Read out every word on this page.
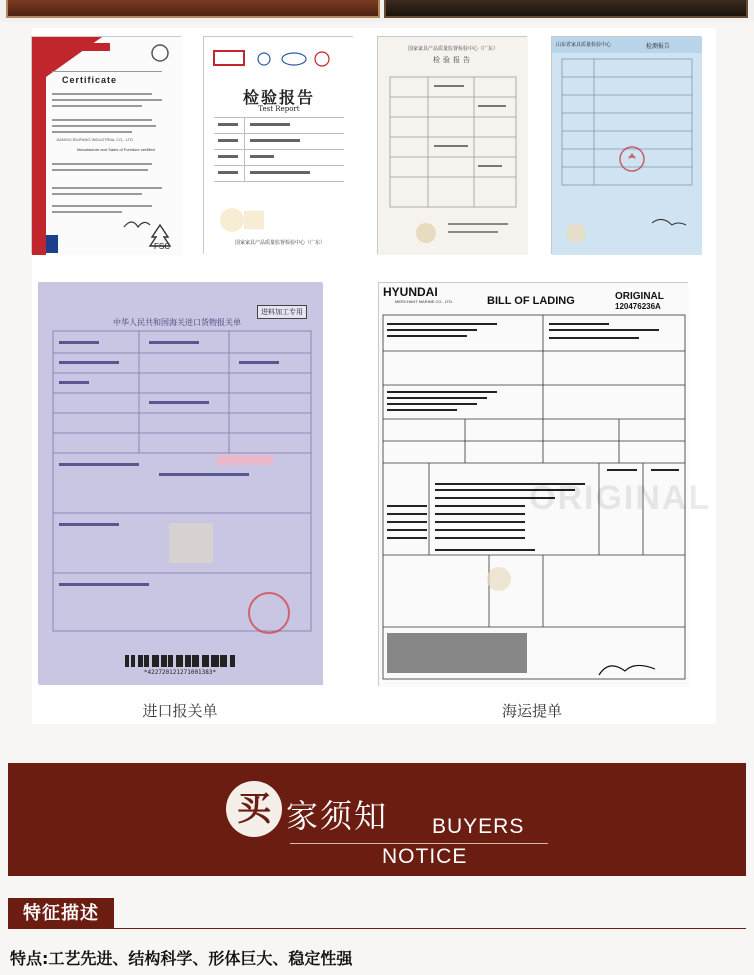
Certificate
JIANGXI RUIFANG INDUSTRIAL CO., LTD
Manufacture and Sales of Furniture certified
FSC
检验报告
Test Report
国家家具产品质量监督检验中心（广东）
国家家具产品质量监督检验中心（广东）
检验报告
山东省家具质量检验中心	检测报告
中华人民共和国海关进口货物报关单
进料加工专用
*422720121271001383*
HYUNDAI
MERCHANT MARINE CO., LTD.	BILL OF LADING	ORIGINAL
120476236A
ORIGINAL
进口报关单	海运提单
买 家须知 BUYERS
NOTICE
特征描述
特点:工艺先进、结构科学、形体巨大、稳定性强
